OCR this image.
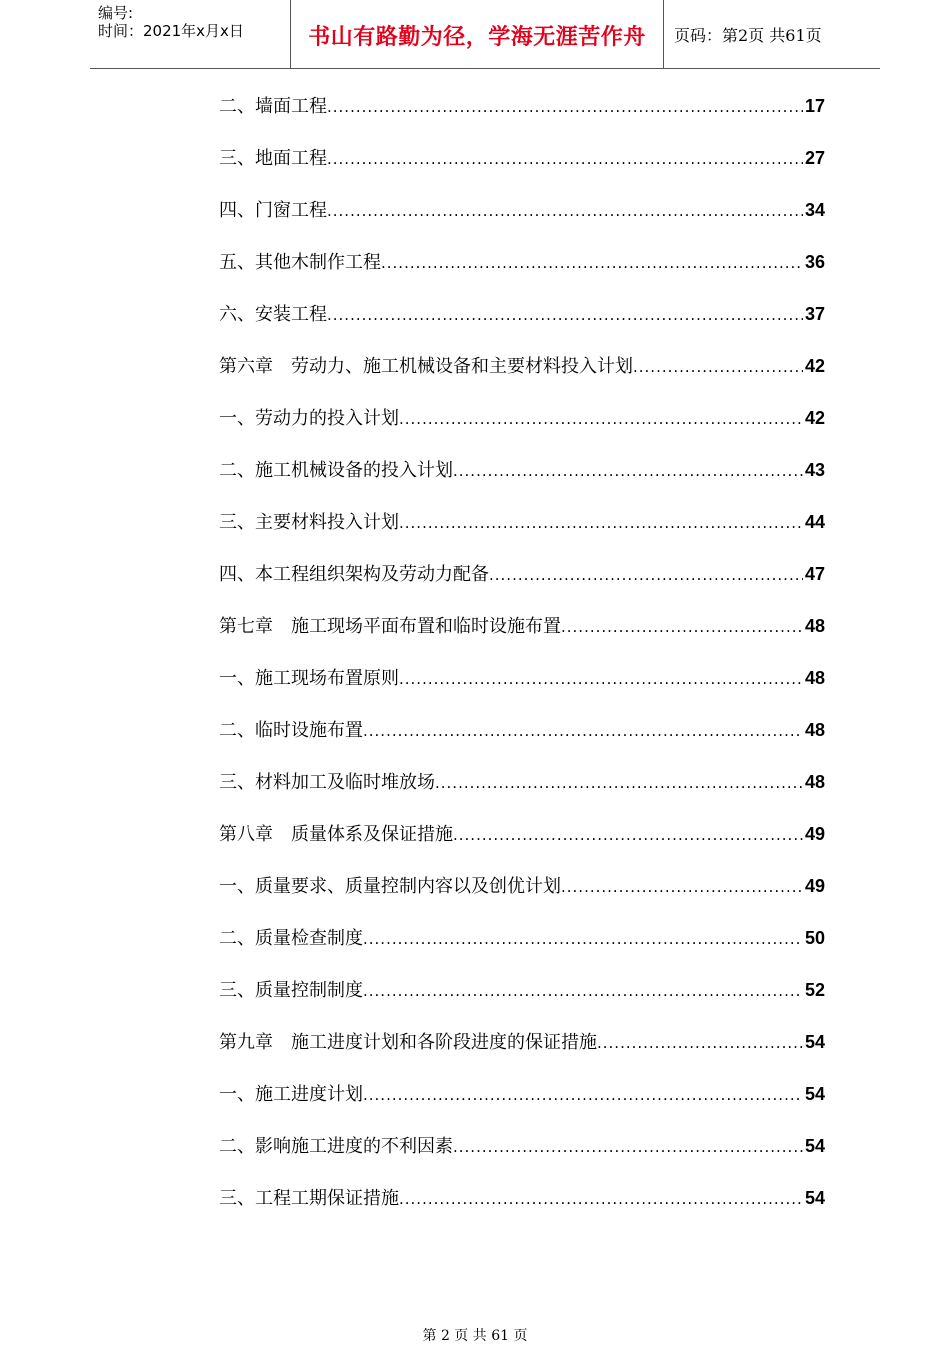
编号:
时间：2021年x月x日	书山有路勤为径，学海无涯苦作舟	页码：第2页 共61页
二、墙面工程 .....	17
三、地面工程 .....	27
四、门窗工程 .....	34
五、其他木制作工程 .....	36
六、安装工程 .....	37
第六章　劳动力、施工机械设备和主要材料投入计划 .....	42
一、劳动力的投入计划 .....	42
二、施工机械设备的投入计划 .....	43
三、主要材料投入计划 .....	44
四、本工程组织架构及劳动力配备 .....	47
第七章　施工现场平面布置和临时设施布置 .....	48
一、施工现场布置原则 .....	48
二、临时设施布置 .....	48
三、材料加工及临时堆放场 .....	48
第八章　质量体系及保证措施 .....	49
一、质量要求、质量控制内容以及创优计划 .....	49
二、质量检查制度 .....	50
三、质量控制制度 .....	52
第九章　施工进度计划和各阶段进度的保证措施 .....	54
一、施工进度计划 .....	54
二、影响施工进度的不利因素 .....	54
三、工程工期保证措施 .....	54
第 2 页 共 61 页
